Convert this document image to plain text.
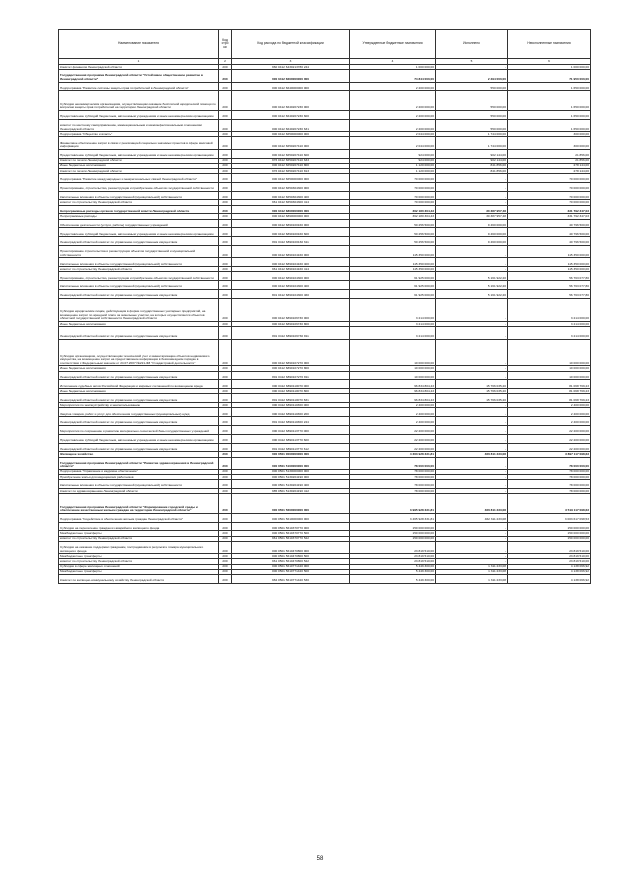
Наименование показателя	Код стро ки	Код расхода по бюджетной классификации	Утвержденные бюджетные назначения	Исполнено	Неисполненные назначения
1	2	3	4	5	6
Комитет финансов Ленинградской области	200	960 0412 6430213780 244	1 000 000,00	-	1 000 000,00
Государственная программа Ленинградской области "Устойчивое общественное развитие в Ленинградской области"	200	000 0412 6600000000 000	74 844 000,00	2 294 000,00	71 950 000,00
Подпрограмма "Развитие системы защиты прав потребителей в Ленинградской области"	200	000 0412 6640000000 000	2 200 000,00	550 000,00	1 650 000,00
Субсидии некоммерческим организациям, осуществляющим оказание бесплатной юридической помощи по вопросам защиты прав потребителей на территории Ленинградской области	200	000 0412 6640207230 000	2 200 000,00	550 000,00	1 650 000,00
Предоставление субсидий бюджетным, автономным учреждениям и иным некоммерческим организациям	200	000 0412 6640207230 600	2 200 000,00	550 000,00	1 650 000,00
комитет по местному самоуправлению, межнациональным и межконфессиональным отношениям Ленинградской области	200	000 0412 6640207230 631	2 200 000,00	550 000,00	1 650 000,00
Подпрограмма "Общество и власть"	200	000 0412 6650000000 000	2 044 000,00	1 744 000,00	300 000,00
Финансовое обеспечение затрат в связи с реализацией социально значимых проектов в сфере массовой информации	200	000 0412 6650207410 000	2 044 000,00	1 744 000,00	300 000,00
Предоставление субсидий бюджетным, автономным учреждениям и иным некоммерческим организациям	200	000 0412 6650207410 600	924 000,00	902 144,00	21 856,00
Комитет по печати Ленинградской области	200	976 0412 6650207410 633	924 000,00	902 144,00	21 856,00
Иные бюджетные ассигнования	200	000 0412 6650207410 800	1 120 000,00	841 856,00	278 144,00
Комитет по печати Ленинградской области	200	976 0412 6650207410 813	1 120 000,00	841 856,00	278 144,00
Подпрограмма "Развитие международных и межрегиональных связей Ленинградской области"	200	000 0412 6650000000 000	70 000 000,00	-	70 000 000,00
Проектирование, строительство, реконструкция и приобретение объектов государственной собственности	200	000 0412 6650304300 000	70 000 000,00	-	70 000 000,00
Капитальные вложения в объекты государственной (муниципальной) собственности	200	000 0412 6650304300 400	70 000 000,00	-	70 000 000,00
комитет по строительству Ленинградской области	200	961 0412 6650304300 414	70 000 000,00	-	70 000 000,00
Непрограммные расходы органов государственной власти Ленинградской области	200	000 0412 6800000000 000	362 180 304,43	30 387 957,48	331 792 347,03
Непрограммные расходы	200	000 0412 6890000000 000	362 180 304,43	30 387 957,48	331 792 347,03
Обеспечение деятельности (услуги, работы) государственных учреждений	200	000 0412 6890100160 000	50 256 500,00	9 460 000,00	40 796 500,00
Предоставление субсидий бюджетным, автономным учреждениям и иным некоммерческим организациям	200	000 0412 6890100160 600	50 256 500,00	9 460 000,00	40 796 500,00
Ленинградский областной комитет по управлению государственным имуществом	200	801 0412 6890100160 611	50 256 500,00	9 460 000,00	40 796 500,00
Проектирование строительства и реконструкция объектов государственной и муниципальной собственности	200	000 0412 6890104160 000	115 350 000,00	-	115 350 000,00
Капитальные вложения в объекты государственной (муниципальной) собственности	200	000 0412 6890104160 400	115 350 000,00	-	115 350 000,00
комитет по строительству Ленинградской области	200	961 0412 6890104160 414	115 350 000,00	-	115 350 000,00
Проектирование, строительство, реконструкция и приобретение объектов государственной собственности	200	000 0412 6890104300 000	61 925 000,00	5 161 922,20	56 763 077,80
Капитальные вложения в объекты государственной (муниципальной) собственности	200	000 0412 6890104300 400	61 925 000,00	5 161 922,20	56 763 077,80
Ленинградский областной комитет по управлению государственным имуществом	200	801 0412 6890104300 460	61 925 000,00	5 161 922,20	56 763 077,80
Субсидии юридическим лицам, действующим в форме государственных унитарных предприятий, на возмещение затрат по арендной плате за земельные участки, на которых осуществляется объектов областной государственной собственности Ленинградской области	200	000 0412 6890106730 000	3 214 000,00	-	3 214 000,00
Иные бюджетные ассигнования	200	000 0412 6890106730 800	3 214 000,00	-	3 214 000,00
Ленинградский областной комитет по управлению государственным имуществом	200	801 0412 6890106730 811	3 214 000,00	-	3 214 000,00
Субсидии организациям, осуществляющим технический учет и инвентаризацию объектов недвижимого имущества, на возмещение затрат на предоставление информации в безвозмездном порядке в соответствии с Федеральным законом от 24.07.2007 №221-ФЗ "О кадастровой деятельности"	200	000 0412 6890107270 000	10 000 000,00	-	10 000 000,00
Иные бюджетные ассигнования	200	000 0412 6890107270 800	10 000 000,00	-	10 000 000,00
Ленинградский областной комитет по управлению государственным имуществом	200	801 0412 6890107270 811	10 000 000,00	-	10 000 000,00
Исполнение судебных актов Российской Федерации и мировых соглашений по возмещению вреда	200	000 0412 6890110070 000	96 834 804,43	15 766 035,20	81 068 769,23
Иные бюджетные ассигнования	200	000 0412 6890110070 800	96 834 804,43	15 766 035,20	81 068 769,23
Ленинградский областной комитет по управлению государственным имуществом	200	801 0412 6890110070 831	96 834 804,43	15 766 035,20	81 068 769,23
Мероприятия по землеустройству и землепользованию	200	000 0412 6890110360 000	2 400 000,00	-	2 400 000,00
Закупка товаров, работ и услуг для обеспечения государственных (муниципальных) нужд	200	000 0412 6890110360 200	2 400 000,00	-	2 400 000,00
Ленинградский областной комитет по управлению государственным имуществом	200	801 0412 6890110360 244	2 400 000,00	-	2 400 000,00
Мероприятия по сохранению и развитию материально-технической базы государственных учреждений	200	000 0412 6890113770 000	22 200 000,00	-	22 200 000,00
Предоставление субсидий бюджетным, автономным учреждениям и иным некоммерческим организациям	200	000 0412 6890113770 600	22 200 000,00	-	22 200 000,00
Ленинградский областной комитет по управлению государственным имуществом	200	801 0412 6890113770 612	22 200 000,00	-	22 200 000,00
Жилищное хозяйство	200	000 0501 0000000000 000	4 363 928 331,81	466 811 233,08	3 897 117 098,63
Государственная программа Ленинградской области "Развитие здравоохранения в Ленинградской области"	200	000 0501 5100000000 000	78 000 000,00	-	78 000 000,00
Подпрограмма "Управление и кадровое обеспечение"	200	000 0501 5130000000 000	78 000 000,00	-	78 000 000,00
Приобретение жилья для медицинских работников	200	000 0501 5130204190 000	78 000 000,00	-	78 000 000,00
Капитальные вложения в объекты государственной (муниципальной) собственности	200	000 0501 5130204190 400	78 000 000,00	-	78 000 000,00
Комитет по здравоохранению Ленинградской области	200	985 0501 5130204190 412	78 000 000,00	-	78 000 000,00
Государственная программа Ленинградской области "Формирование городской среды и обеспечение качественным жильем граждан на территории Ленинградской области"	200	000 0501 5600000000 000	3 995 928 331,81	466 811 233,08	3 519 117 098,63
Подпрограмма "Содействие в обеспечении жильем граждан Ленинградской области"	200	000 0501 5610000000 000	3 465 928 331,81	462 311 233,08	3 003 617 098,53
Субсидии на переселение граждан из аварийного жилищного фонда	200	000 0501 5610370770 000	150 000 000,00	-	150 000 000,00
Межбюджетные трансферты	200	000 0501 5610370770 500	150 000 000,00	-	150 000 000,00
комитет по строительству Ленинградской области	200	961 0501 5610370770 522	150 000 000,00	-	150 000 000,00
Субсидии на оказание поддержки гражданам, пострадавшим в результате пожара муниципального жилищного фонда	200	000 0501 5610470800 000	23 819 510,00	-	23 819 510,00
Межбюджетные трансферты	200	000 0501 5610470800 500	23 819 510,00	-	23 819 510,00
комитет по строительству Ленинградской области	200	961 0501 5610470800 522	23 819 510,00	-	23 819 510,00
Субсидии в сфере жилищных отношений	200	000 0501 5610771420 000	5 449 300,00	1 311 233,08	4 138 066,92
Межбюджетные трансферты	200	000 0501 5610771420 500	5 449 300,00	1 311 233,08	4 138 066,92
Комитет по жилищно-коммунальному хозяйству Ленинградской области	200	984 0501 5610771420 530	5 449 300,00	1 311 233,08	4 138 066,92
58
